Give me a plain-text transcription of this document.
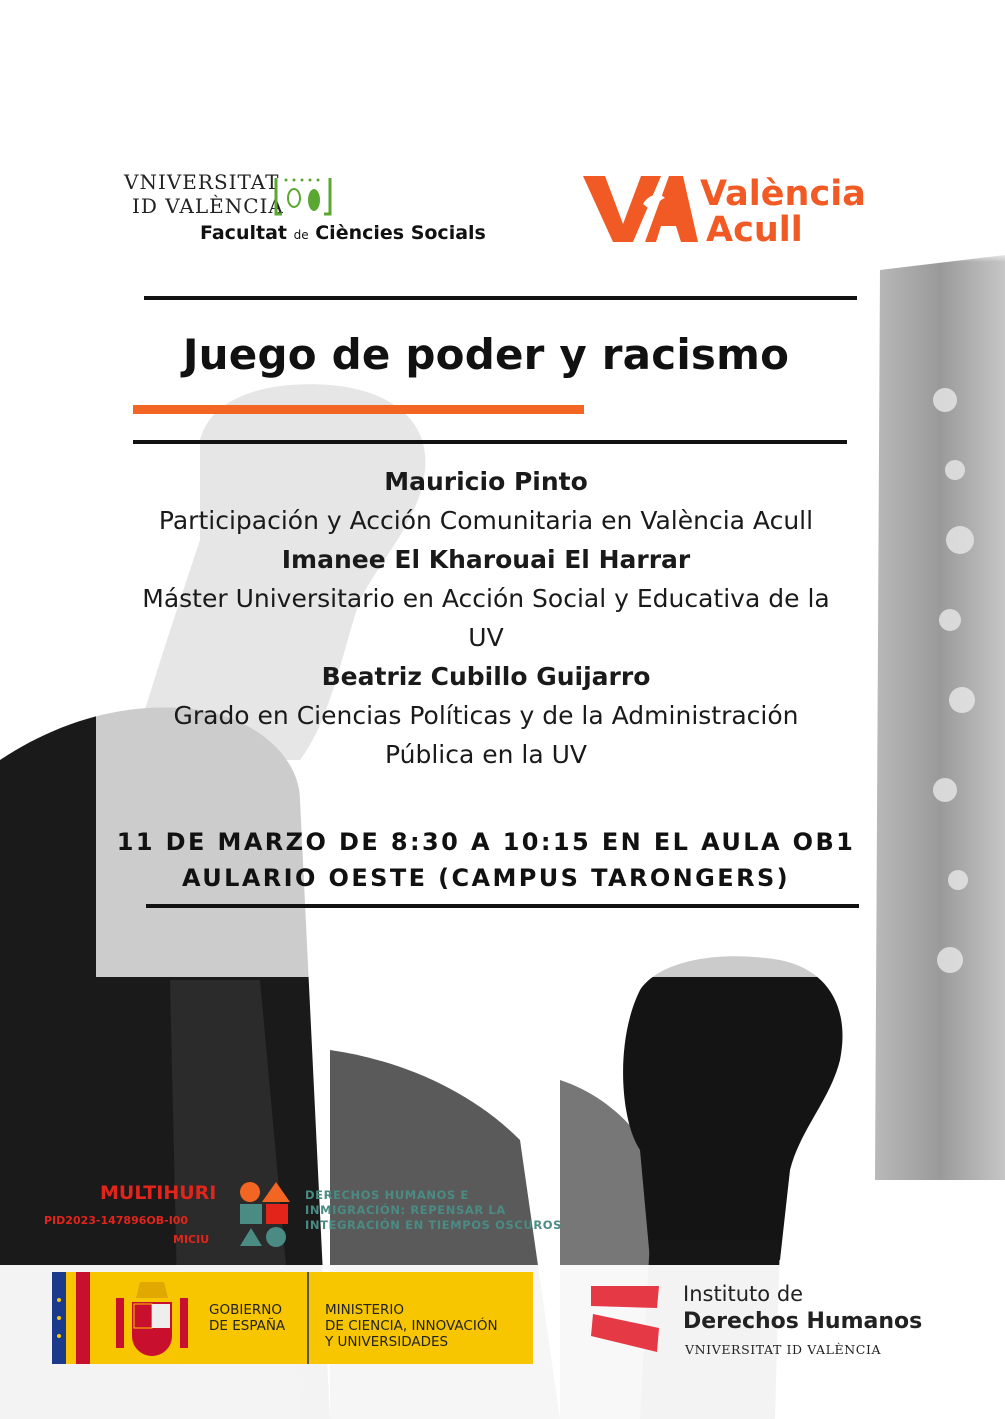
VNIVERSITAT
ID VALÈNCIA
Facultat de Ciències Socials
València
Acull
Juego de poder y racismo
Mauricio Pinto
Participación y Acción Comunitaria en València Acull
Imanee El Kharouai El Harrar
Máster Universitario en Acción Social y Educativa de la UV
Beatriz Cubillo Guijarro
Grado en Ciencias Políticas y de la Administración Pública en la UV
11 DE MARZO DE 8:30 A 10:15 EN EL AULA OB1
AULARIO OESTE (CAMPUS TARONGERS)
MULTIHURI
PID2023-147896OB-I00
MICIU
DERECHOS HUMANOS E INMIGRACIÓN: REPENSAR LA INTEGRACIÓN EN TIEMPOS OSCUROS
GOBIERNO
DE ESPAÑA
MINISTERIO
DE CIENCIA, INNOVACIÓN
Y UNIVERSIDADES
Instituto de
Derechos Humanos
VNIVERSITAT ID VALÈNCIA
